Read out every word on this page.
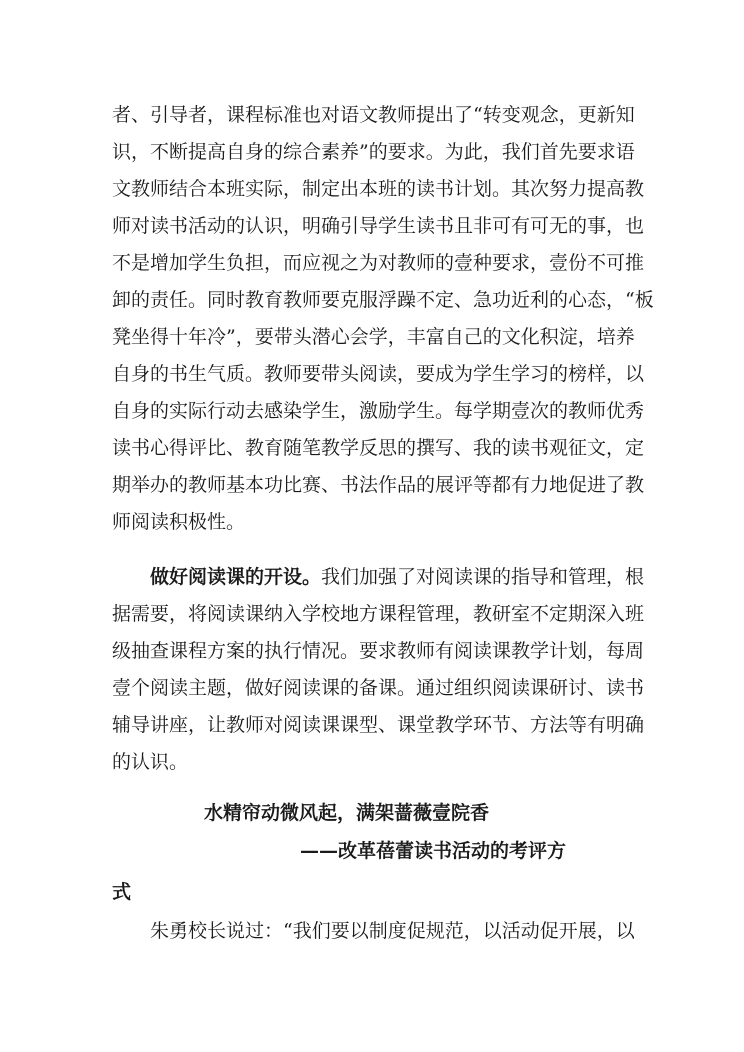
者、引导者，课程标准也对语文教师提出了“转变观念，更新知
识，不断提高自身的综合素养”的要求。为此，我们首先要求语
文教师结合本班实际，制定出本班的读书计划。其次努力提高教
师对读书活动的认识，明确引导学生读书且非可有可无的事，也
不是增加学生负担，而应视之为对教师的壹种要求，壹份不可推
卸的责任。同时教育教师要克服浮躁不定、急功近利的心态，“板
凳坐得十年冷”，要带头潜心会学，丰富自己的文化积淀，培养
自身的书生气质。教师要带头阅读，要成为学生学习的榜样，以
自身的实际行动去感染学生，激励学生。每学期壹次的教师优秀
读书心得评比、教育随笔教学反思的撰写、我的读书观征文，定
期举办的教师基本功比赛、书法作品的展评等都有力地促进了教
师阅读积极性。
做好阅读课的开设。我们加强了对阅读课的指导和管理，根
据需要，将阅读课纳入学校地方课程管理，教研室不定期深入班
级抽查课程方案的执行情况。要求教师有阅读课教学计划，每周
壹个阅读主题，做好阅读课的备课。通过组织阅读课研讨、读书
辅导讲座，让教师对阅读课课型、课堂教学环节、方法等有明确
的认识。
水精帘动微风起，满架蔷薇壹院香
——改革蓓蕾读书活动的考评方
式
朱勇校长说过：“我们要以制度促规范，以活动促开展，以
